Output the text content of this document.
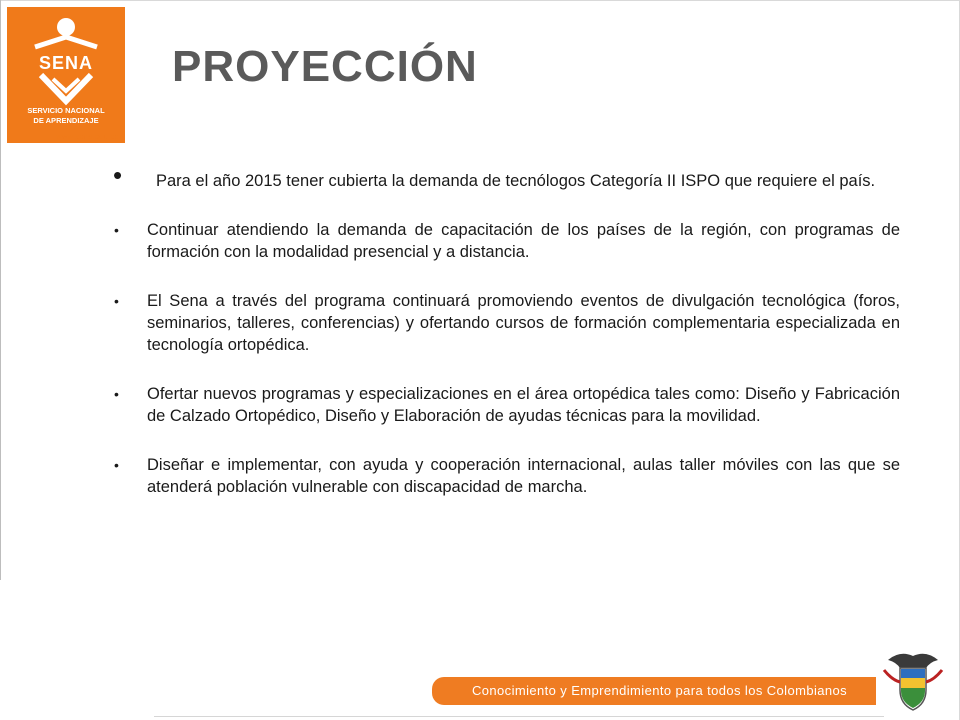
SENA
SERVICIO NACIONAL
DE APRENDIZAJE
www.sena.edu.co
PROYECCIÓN
•	Para el año 2015 tener cubierta la demanda de tecnólogos Categoría II ISPO que requiere el país.
• Continuar atendiendo la demanda de capacitación de los países de la región, con programas de formación con la modalidad presencial y a distancia.
• El Sena a través del programa continuará promoviendo eventos de divulgación tecnológica (foros, seminarios, talleres, conferencias) y ofertando cursos de formación complementaria especializada en tecnología ortopédica.
• Ofertar nuevos programas y especializaciones en el área ortopédica tales como: Diseño y Fabricación de Calzado Ortopédico, Diseño y Elaboración de ayudas técnicas para la movilidad.
• Diseñar e implementar, con ayuda y cooperación internacional, aulas taller móviles con las que se atenderá población vulnerable con discapacidad de marcha.
Conocimiento y Emprendimiento para todos los Colombianos
